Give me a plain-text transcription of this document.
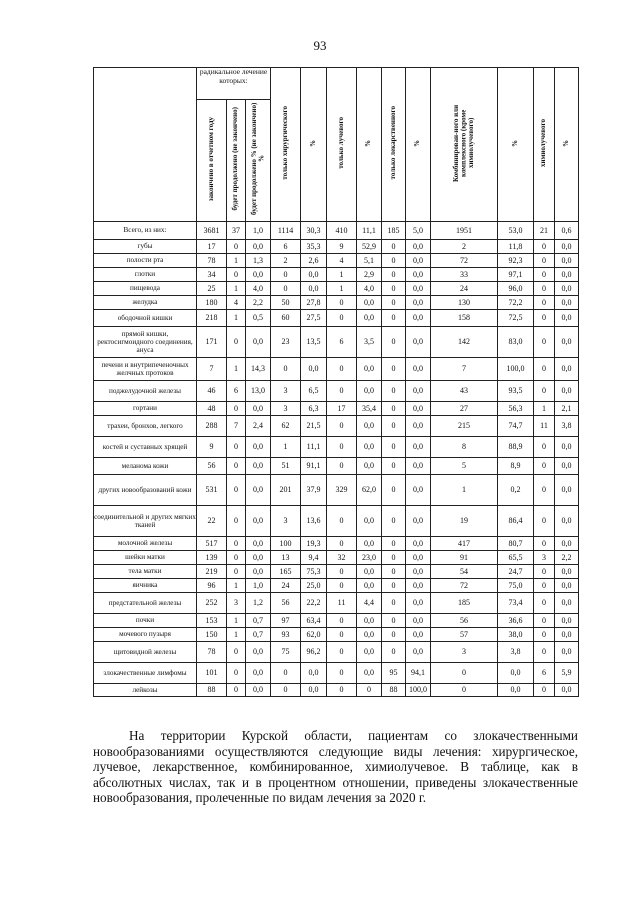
93
	радикальное лечение которых:			только хирургического	%	только лучевого	%	только лекарственного	%	Комбинирован-ного или комплексного (кроме химиолучевого)	%	химиолучевого	%
	закончено в отчетном году	будет продолжено (не закончено)	будет продолжено % (не закончено) %										
Всего, из них:	3681	37	1,0	1114	30,3	410	11,1	185	5,0	1951	53,0	21	0,6
губы	17	0	0,0	6	35,3	9	52,9	0	0,0	2	11,8	0	0,0
полости рта	78	1	1,3	2	2,6	4	5,1	0	0,0	72	92,3	0	0,0
глотки	34	0	0,0	0	0,0	1	2,9	0	0,0	33	97,1	0	0,0
пищевода	25	1	4,0	0	0,0	1	4,0	0	0,0	24	96,0	0	0,0
желудка	180	4	2,2	50	27,8	0	0,0	0	0,0	130	72,2	0	0,0
ободочной кишки	218	1	0,5	60	27,5	0	0,0	0	0,0	158	72,5	0	0,0
прямой кишки, ректосигмоидного соединения, ануса	171	0	0,0	23	13,5	6	3,5	0	0,0	142	83,0	0	0,0
печени и внутрипеченочных желчных протоков	7	1	14,3	0	0,0	0	0,0	0	0,0	7	100,0	0	0,0
поджелудочной железы	46	6	13,0	3	6,5	0	0,0	0	0,0	43	93,5	0	0,0
гортани	48	0	0,0	3	6,3	17	35,4	0	0,0	27	56,3	1	2,1
трахеи, бронхов, легкого	288	7	2,4	62	21,5	0	0,0	0	0,0	215	74,7	11	3,8
костей и суставных хрящей	9	0	0,0	1	11,1	0	0,0	0	0,0	8	88,9	0	0,0
меланома кожи	56	0	0,0	51	91,1	0	0,0	0	0,0	5	8,9	0	0,0
других новообразований кожи	531	0	0,0	201	37,9	329	62,0	0	0,0	1	0,2	0	0,0
соединительной и других мягких тканей	22	0	0,0	3	13,6	0	0,0	0	0,0	19	86,4	0	0,0
молочной железы	517	0	0,0	100	19,3	0	0,0	0	0,0	417	80,7	0	0,0
шейки матки	139	0	0,0	13	9,4	32	23,0	0	0,0	91	65,5	3	2,2
тела матки	219	0	0,0	165	75,3	0	0,0	0	0,0	54	24,7	0	0,0
яичника	96	1	1,0	24	25,0	0	0,0	0	0,0	72	75,0	0	0,0
предстательной железы	252	3	1,2	56	22,2	11	4,4	0	0,0	185	73,4	0	0,0
почки	153	1	0,7	97	63,4	0	0,0	0	0,0	56	36,6	0	0,0
мочевого пузыря	150	1	0,7	93	62,0	0	0,0	0	0,0	57	38,0	0	0,0
щитовидной железы	78	0	0,0	75	96,2	0	0,0	0	0,0	3	3,8	0	0,0
злокачественные лимфомы	101	0	0,0	0	0,0	0	0,0	95	94,1	0	0,0	6	5,9
лейкозы	88	0	0,0	0	0,0	0	0	88	100,0	0	0,0	0	0,0
На территории Курской области, пациентам со злокачественными новообразованиями осуществляются следующие виды лечения: хирургическое, лучевое, лекарственное, комбинированное, химиолучевое. В таблице, как в абсолютных числах, так и в процентном отношении, приведены злокачественные новообразования, пролеченные по видам лечения за 2020 г.
